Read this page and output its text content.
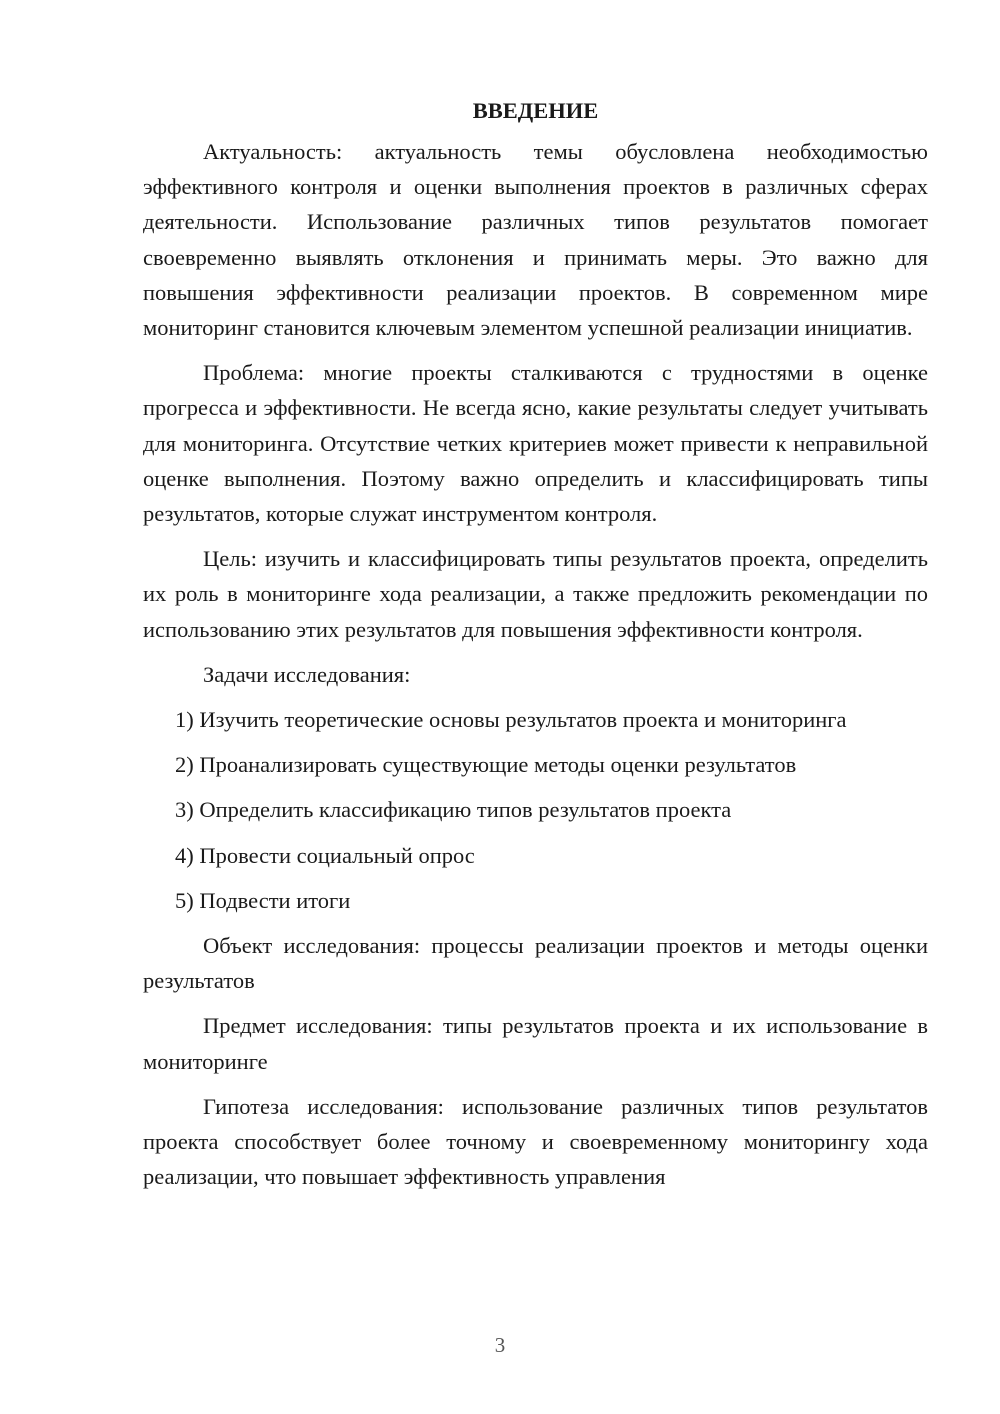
ВВЕДЕНИЕ

Актуальность: актуальность темы обусловлена необходимостью эффективного контроля и оценки выполнения проектов в различных сферах деятельности. Использование различных типов результатов помогает своевременно выявлять отклонения и принимать меры. Это важно для повышения эффективности реализации проектов. В современном мире мониторинг становится ключевым элементом успешной реализации инициатив.

Проблема: многие проекты сталкиваются с трудностями в оценке прогресса и эффективности. Не всегда ясно, какие результаты следует учитывать для мониторинга. Отсутствие четких критериев может привести к неправильной оценке выполнения. Поэтому важно определить и классифицировать типы результатов, которые служат инструментом контроля.

Цель: изучить и классифицировать типы результатов проекта, определить их роль в мониторинге хода реализации, а также предложить рекомендации по использованию этих результатов для повышения эффективности контроля.

Задачи исследования:
1) Изучить теоретические основы результатов проекта и мониторинга
2) Проанализировать существующие методы оценки результатов
3) Определить классификацию типов результатов проекта
4) Провести социальный опрос
5) Подвести итоги

Объект исследования: процессы реализации проектов и методы оценки результатов

Предмет исследования: типы результатов проекта и их использование в мониторинге

Гипотеза исследования: использование различных типов результатов проекта способствует более точному и своевременному мониторингу хода реализации, что повышает эффективность управления

3
